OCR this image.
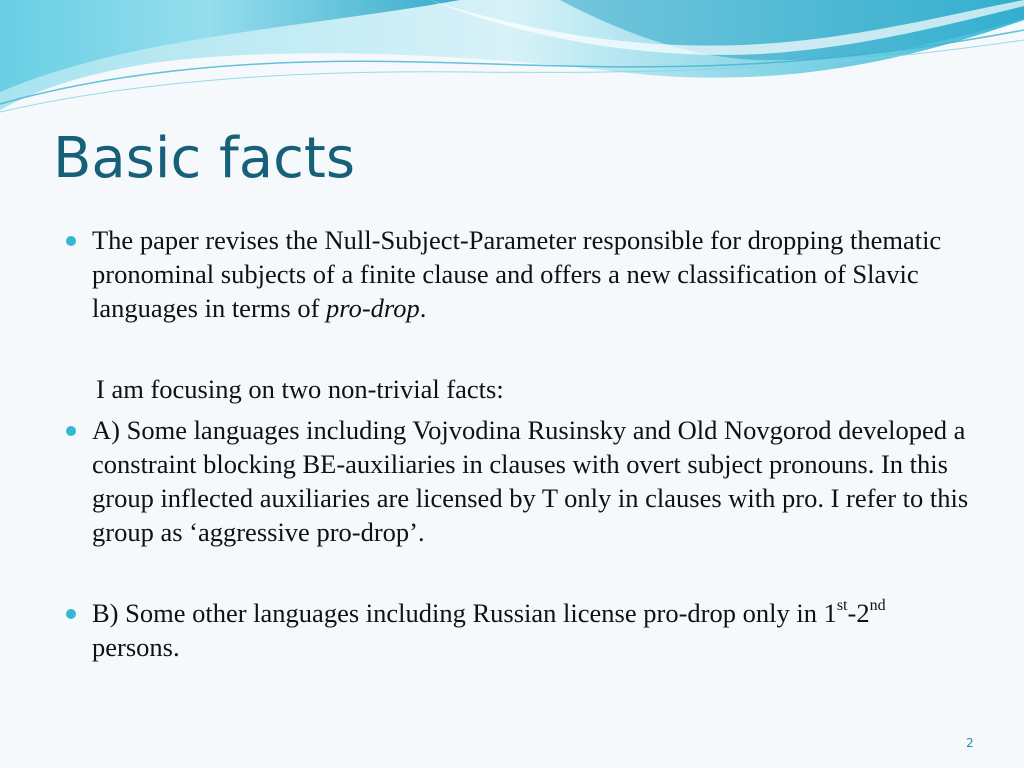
Basic facts

The paper revises the Null-Subject-Parameter responsible for dropping thematic pronominal subjects of a finite clause and offers a new classification of Slavic languages in terms of pro-drop.

I am focusing on two non-trivial facts:

A) Some languages including Vojvodina Rusinsky and Old Novgorod developed a constraint blocking BE-auxiliaries in clauses with overt subject pronouns. In this group inflected auxiliaries are licensed by T only in clauses with pro. I refer to this group as ‘aggressive pro-drop’.

B) Some other languages including Russian license pro-drop only in 1st-2nd persons.

2
